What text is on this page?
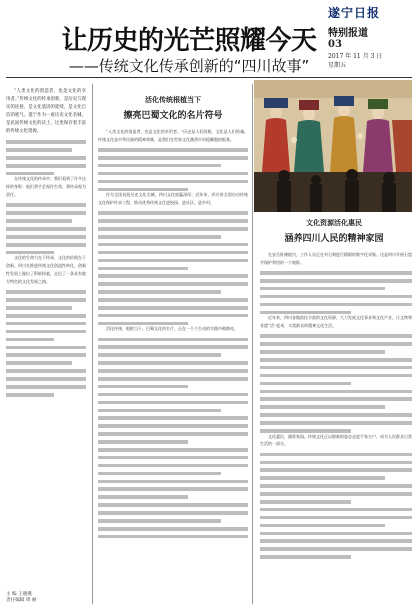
遂宁日报
特别报道
03
2017 年 11 月 3 日
星期五
让历史的光芒照耀今天
——传统文化传承创新的“四川故事”

“人类文化的创造者，也是文化的享用者。”传统文化的传承创新，是历史与现实的连接，是文化基因的延续，是文化自信的底气。遂宁作为一座历史文化名城，是民间传统文化的沃土，这里保存着丰富的传统文化资源。

在传统文化的传承中，我们看到了许多这样的身影：他们将手艺视作生命，将传承视为责任。

文化的生命力在于传承，文化的价值在于创新。四川在推进传统文化创造性转化、创新性发展上做出了积极探索，走出了一条具有地方特色的文化发展之路。

主 编 王晓燕
责任编辑 周 丽
活化传统根植当下
擦亮巴蜀文化的名片符号

“人类文化的创造者，也是文化的享用者。”历史是人们的根，文化是人们的魂。传统文化是中华民族的精神命脉，是我们在世界文化激荡中站稳脚跟的根基。

作为全国首批历史文化名城，四川文化底蕴深厚。近年来，四川省全面启动传统文化保护传承工程，推动优秀传统文化进校园、进社区、进乡村。

活化传统，根植当下。巴蜀文化的名片，正在一个个生动的实践中被擦亮。

文化资源活化惠民
涵养四川人民的精神家园

在安岳卧佛院内，工作人员正在对石刻进行精细的数字化采集。这是四川开展石窟寺保护利用的一个缩影。

近年来，四川各地依托丰富的文化资源，大力发展文化事业和文化产业，让文物和非遗“活”起来，丰富群众的精神文化生活。

文化惠民，涵养家园。传统文化正以崭新的姿态走进千家万户，成为人民群众日常生活的一部分。
